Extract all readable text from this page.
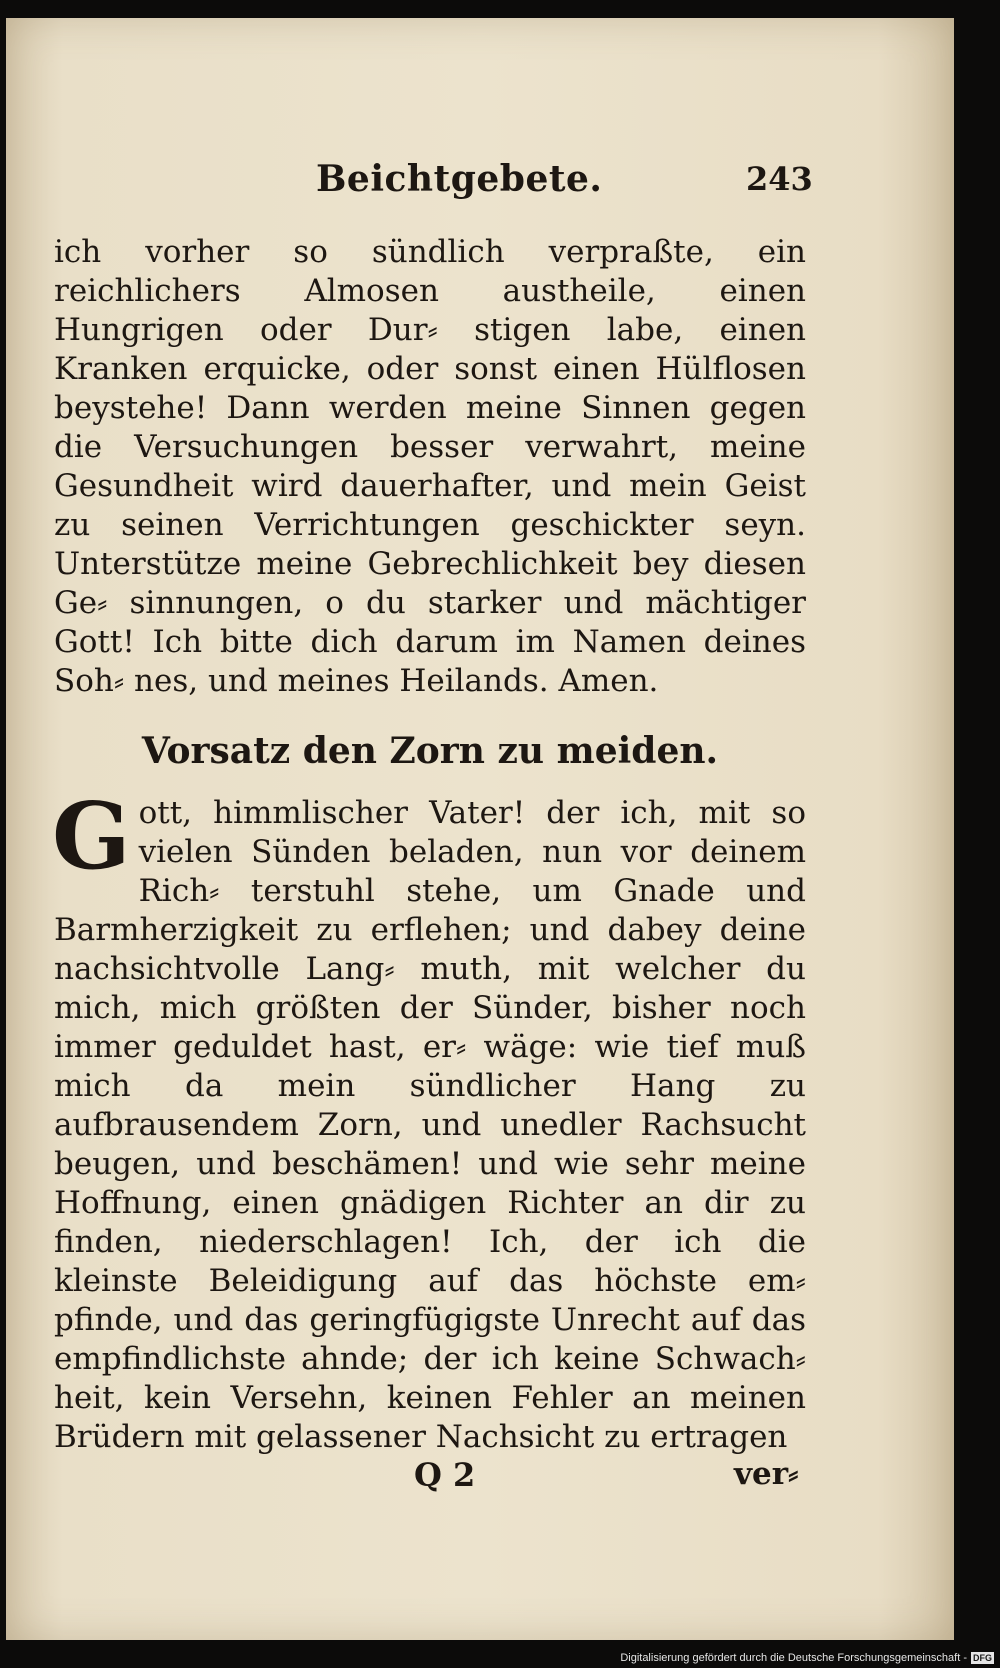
Beichtgebete.	243

ich vorher so sündlich verpraßte, ein reichlichers Almosen austheile, einen Hungrigen oder Dur⸗ stigen labe, einen Kranken erquicke, oder sonst einen Hülflosen beystehe! Dann werden meine Sinnen gegen die Versuchungen besser verwahrt, meine Gesundheit wird dauerhafter, und mein Geist zu seinen Verrichtungen geschickter seyn. Unterstütze meine Gebrechlichkeit bey diesen Ge⸗ sinnungen, o du starker und mächtiger Gott! Ich bitte dich darum im Namen deines Soh⸗ nes, und meines Heilands. Amen.

Vorsatz den Zorn zu meiden.
G ott, himmlischer Vater! der ich, mit so vielen Sünden beladen, nun vor deinem Rich⸗ terstuhl stehe, um Gnade und Barmherzigkeit zu erflehen; und dabey deine nachsichtvolle Lang⸗ muth, mit welcher du mich, mich größten der Sünder, bisher noch immer geduldet hast, er⸗ wäge: wie tief muß mich da mein sündlicher Hang zu aufbrausendem Zorn, und unedler Rachsucht beugen, und beschämen! und wie sehr meine Hoffnung, einen gnädigen Richter an dir zu finden, niederschlagen! Ich, der ich die kleinste Beleidigung auf das höchste em⸗ pfinde, und das geringfügigste Unrecht auf das empfindlichste ahnde; der ich keine Schwach⸗ heit, kein Versehn, keinen Fehler an meinen Brüdern mit gelassener Nachsicht zu ertragen
Q 2	ver⸗
Digitalisierung gefördert durch die Deutsche Forschungsgemeinschaft - DFG
